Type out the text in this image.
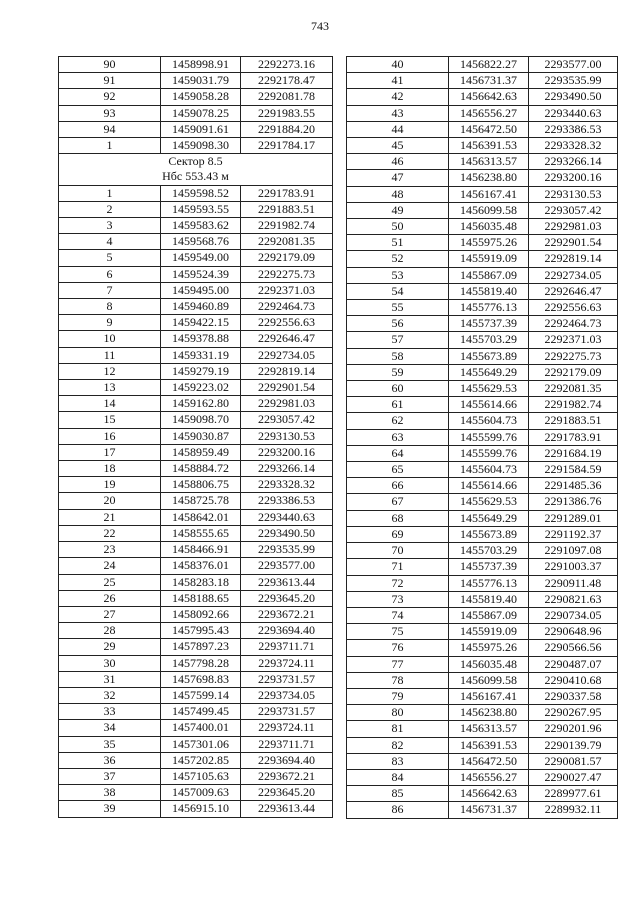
743
90	1458998.91	2292273.16
91	1459031.79	2292178.47
92	1459058.28	2292081.78
93	1459078.25	2291983.55
94	1459091.61	2291884.20
1	1459098.30	2291784.17

Сектор 8.5
Нбс 553.43 м		

1	1459598.52	2291783.91
2	1459593.55	2291883.51
3	1459583.62	2291982.74
4	1459568.76	2292081.35
5	1459549.00	2292179.09
6	1459524.39	2292275.73
7	1459495.00	2292371.03
8	1459460.89	2292464.73
9	1459422.15	2292556.63
10	1459378.88	2292646.47
11	1459331.19	2292734.05
12	1459279.19	2292819.14
13	1459223.02	2292901.54
14	1459162.80	2292981.03
15	1459098.70	2293057.42
16	1459030.87	2293130.53
17	1458959.49	2293200.16
18	1458884.72	2293266.14
19	1458806.75	2293328.32
20	1458725.78	2293386.53
21	1458642.01	2293440.63
22	1458555.65	2293490.50
23	1458466.91	2293535.99
24	1458376.01	2293577.00
25	1458283.18	2293613.44
26	1458188.65	2293645.20
27	1458092.66	2293672.21
28	1457995.43	2293694.40
29	1457897.23	2293711.71
30	1457798.28	2293724.11
31	1457698.83	2293731.57
32	1457599.14	2293734.05
33	1457499.45	2293731.57
34	1457400.01	2293724.11
35	1457301.06	2293711.71
36	1457202.85	2293694.40
37	1457105.63	2293672.21
38	1457009.63	2293645.20
39	1456915.10	2293613.44
40	1456822.27	2293577.00
41	1456731.37	2293535.99
42	1456642.63	2293490.50
43	1456556.27	2293440.63
44	1456472.50	2293386.53
45	1456391.53	2293328.32
46	1456313.57	2293266.14
47	1456238.80	2293200.16
48	1456167.41	2293130.53
49	1456099.58	2293057.42
50	1456035.48	2292981.03
51	1455975.26	2292901.54
52	1455919.09	2292819.14
53	1455867.09	2292734.05
54	1455819.40	2292646.47
55	1455776.13	2292556.63
56	1455737.39	2292464.73
57	1455703.29	2292371.03
58	1455673.89	2292275.73
59	1455649.29	2292179.09
60	1455629.53	2292081.35
61	1455614.66	2291982.74
62	1455604.73	2291883.51
63	1455599.76	2291783.91
64	1455599.76	2291684.19
65	1455604.73	2291584.59
66	1455614.66	2291485.36
67	1455629.53	2291386.76
68	1455649.29	2291289.01
69	1455673.89	2291192.37
70	1455703.29	2291097.08
71	1455737.39	2291003.37
72	1455776.13	2290911.48
73	1455819.40	2290821.63
74	1455867.09	2290734.05
75	1455919.09	2290648.96
76	1455975.26	2290566.56
77	1456035.48	2290487.07
78	1456099.58	2290410.68
79	1456167.41	2290337.58
80	1456238.80	2290267.95
81	1456313.57	2290201.96
82	1456391.53	2290139.79
83	1456472.50	2290081.57
84	1456556.27	2290027.47
85	1456642.63	2289977.61
86	1456731.37	2289932.11
